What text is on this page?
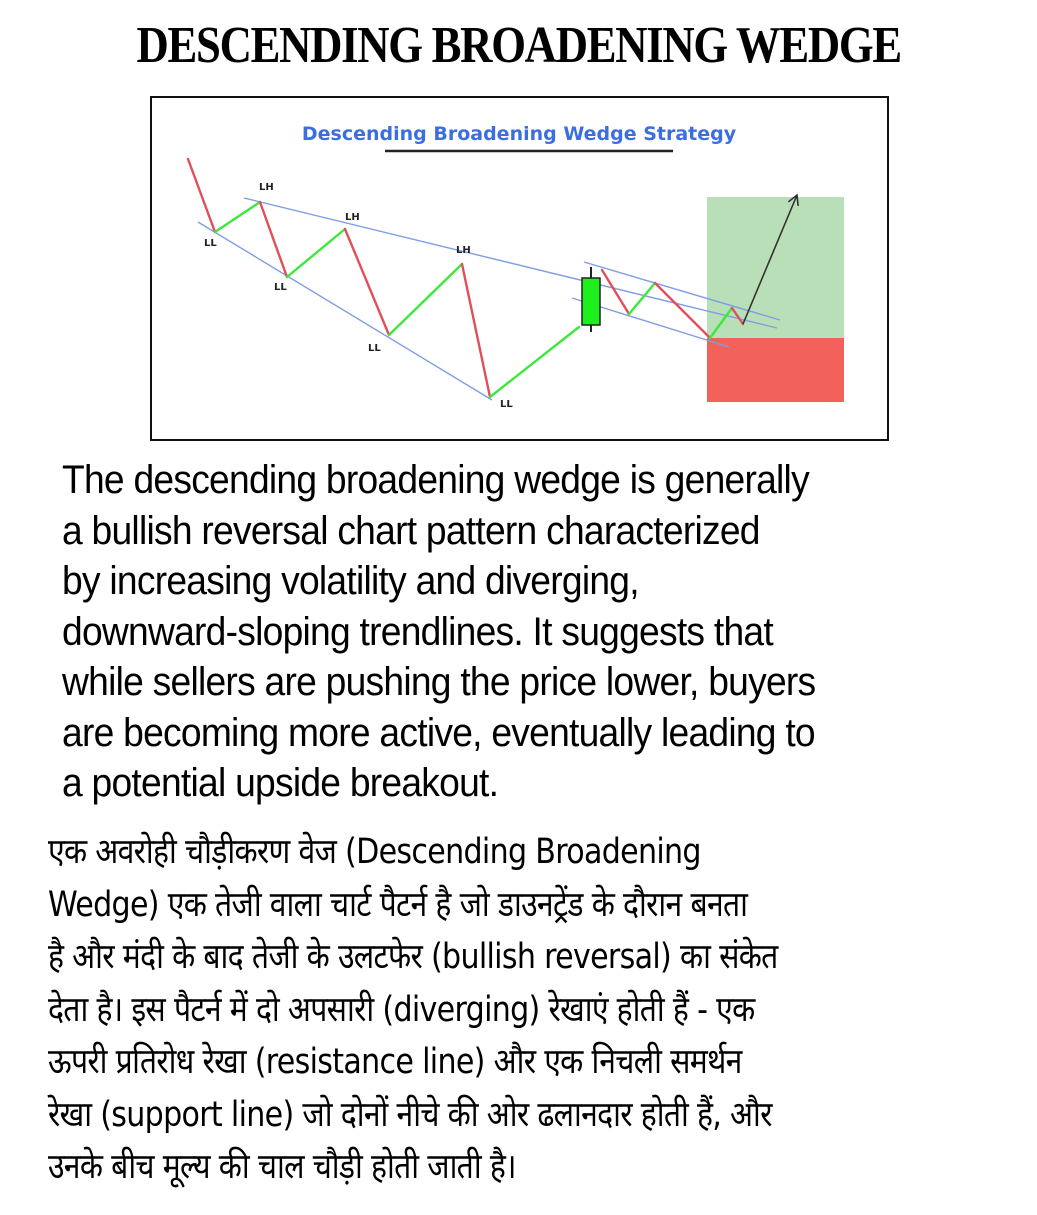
DESCENDING BROADENING WEDGE
Descending Broadening Wedge Strategy
LL
LH
LL
LH
LL
LH
LL
The descending broadening wedge is generally
a bullish reversal chart pattern characterized
by increasing volatility and diverging,
downward-sloping trendlines. It suggests that
while sellers are pushing the price lower, buyers
are becoming more active, eventually leading to
a potential upside breakout.
एक अवरोही चौड़ीकरण वेज (Descending Broadening
Wedge) एक तेजी वाला चार्ट पैटर्न है जो डाउनट्रेंड के दौरान बनता
है और मंदी के बाद तेजी के उलटफेर (bullish reversal) का संकेत
देता है। इस पैटर्न में दो अपसारी (diverging) रेखाएं होती हैं - एक
ऊपरी प्रतिरोध रेखा (resistance line) और एक निचली समर्थन
रेखा (support line) जो दोनों नीचे की ओर ढलानदार होती हैं, और
उनके बीच मूल्य की चाल चौड़ी होती जाती है।
